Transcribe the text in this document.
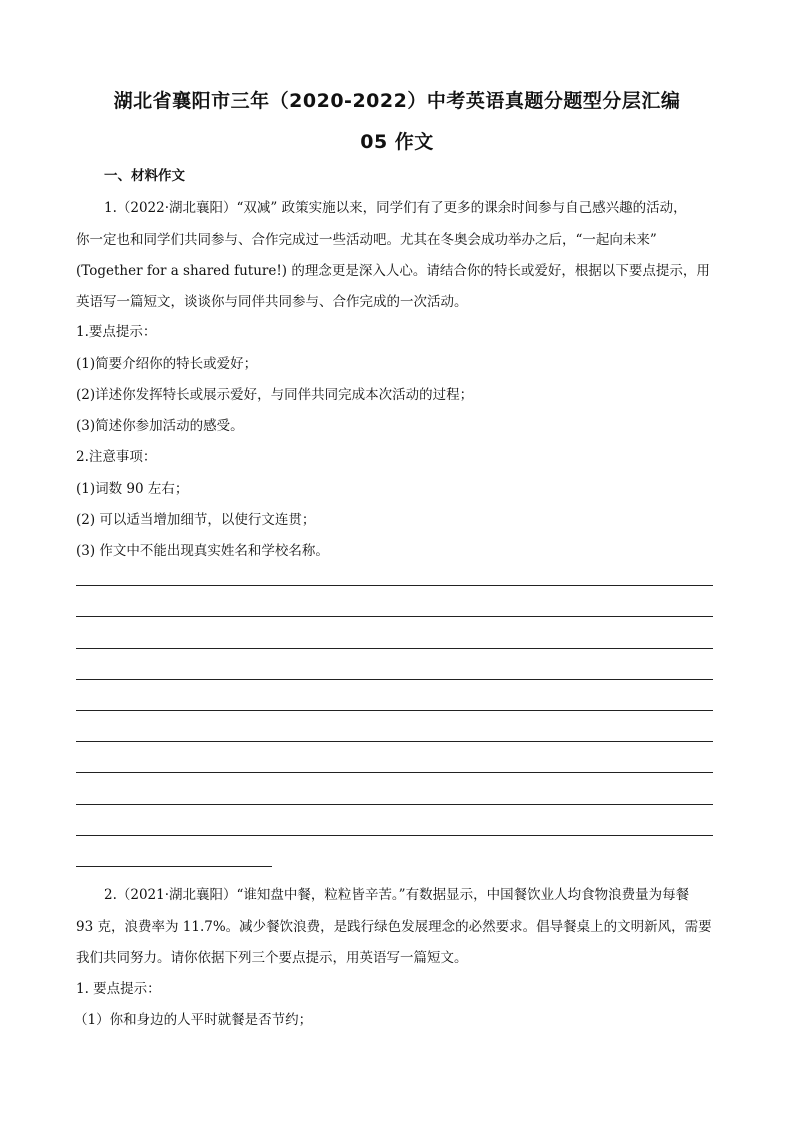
湖北省襄阳市三年（2020-2022）中考英语真题分题型分层汇编
05 作文
一、材料作文
1.（2022·湖北襄阳）“双减” 政策实施以来，同学们有了更多的课余时间参与自己感兴趣的活动，
你一定也和同学们共同参与、合作完成过一些活动吧。尤其在冬奥会成功举办之后，“一起向未来”
(Together for a shared future!) 的理念更是深入人心。请结合你的特长或爱好，根据以下要点提示，用
英语写一篇短文，谈谈你与同伴共同参与、合作完成的一次活动。
1.要点提示：
(1)简要介绍你的特长或爱好；
(2)详述你发挥特长或展示爱好，与同伴共同完成本次活动的过程；
(3)简述你参加活动的感受。
2.注意事项：
(1)词数 90 左右；
(2) 可以适当增加细节，以使行文连贯；
(3) 作文中不能出现真实姓名和学校名称。
2.（2021·湖北襄阳）“谁知盘中餐，粒粒皆辛苦。”有数据显示，中国餐饮业人均食物浪费量为每餐
93 克，浪费率为 11.7%。减少餐饮浪费，是践行绿色发展理念的必然要求。倡导餐桌上的文明新风，需要
我们共同努力。请你依据下列三个要点提示，用英语写一篇短文。
1. 要点提示：
（1）你和身边的人平时就餐是否节约；
